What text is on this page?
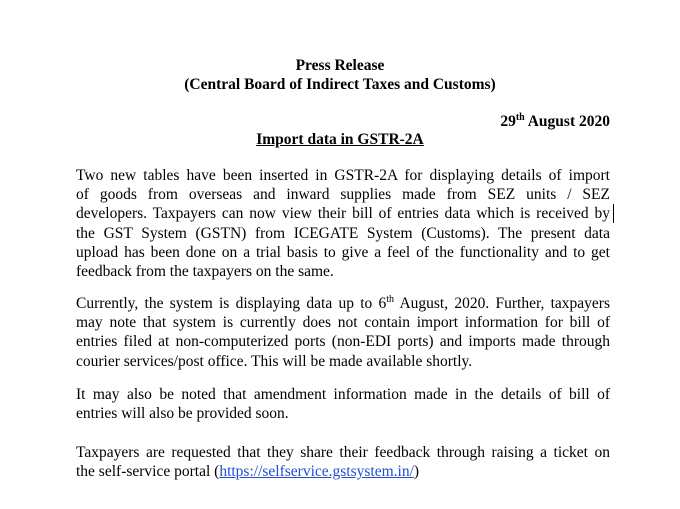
Press Release
(Central Board of Indirect Taxes and Customs)
29th August 2020
Import data in GSTR-2A
Two new tables have been inserted in GSTR-2A for displaying details of import
of goods from overseas and inward supplies made from SEZ units / SEZ
developers. Taxpayers can now view their bill of entries data which is received by
the GST System (GSTN) from ICEGATE System (Customs). The present data
upload has been done on a trial basis to give a feel of the functionality and to get
feedback from the taxpayers on the same.
Currently, the system is displaying data up to 6th August, 2020. Further, taxpayers
may note that system is currently does not contain import information for bill of
entries filed at non-computerized ports (non-EDI ports) and imports made through
courier services/post office. This will be made available shortly.
It may also be noted that amendment information made in the details of bill of
entries will also be provided soon.
Taxpayers are requested that they share their feedback through raising a ticket on
the self-service portal (https://selfservice.gstsystem.in/)
